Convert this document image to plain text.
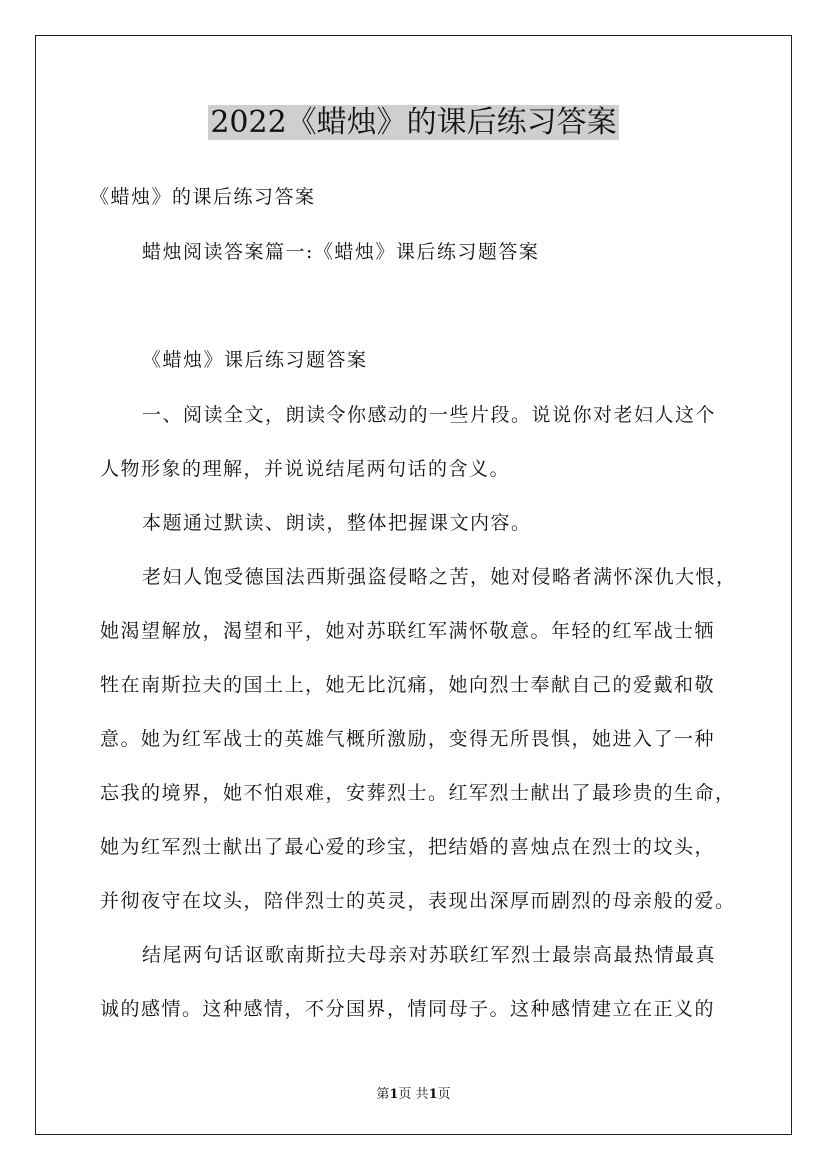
2022《蜡烛》的课后练习答案
《蜡烛》的课后练习答案
蜡烛阅读答案篇一:《蜡烛》课后练习题答案
《蜡烛》课后练习题答案
一、阅读全文，朗读令你感动的一些片段。说说你对老妇人这个
人物形象的理解，并说说结尾两句话的含义。
本题通过默读、朗读，整体把握课文内容。
老妇人饱受德国法西斯强盗侵略之苦，她对侵略者满怀深仇大恨，
她渴望解放，渴望和平，她对苏联红军满怀敬意。年轻的红军战士牺
牲在南斯拉夫的国土上，她无比沉痛，她向烈士奉献自己的爱戴和敬
意。她为红军战士的英雄气概所激励，变得无所畏惧，她进入了一种
忘我的境界，她不怕艰难，安葬烈士。红军烈士献出了最珍贵的生命，
她为红军烈士献出了最心爱的珍宝，把结婚的喜烛点在烈士的坟头，
并彻夜守在坟头，陪伴烈士的英灵，表现出深厚而剧烈的母亲般的爱。
结尾两句话讴歌南斯拉夫母亲对苏联红军烈士最崇高最热情最真
诚的感情。这种感情，不分国界，情同母子。这种感情建立在正义的
第1页 共1页
